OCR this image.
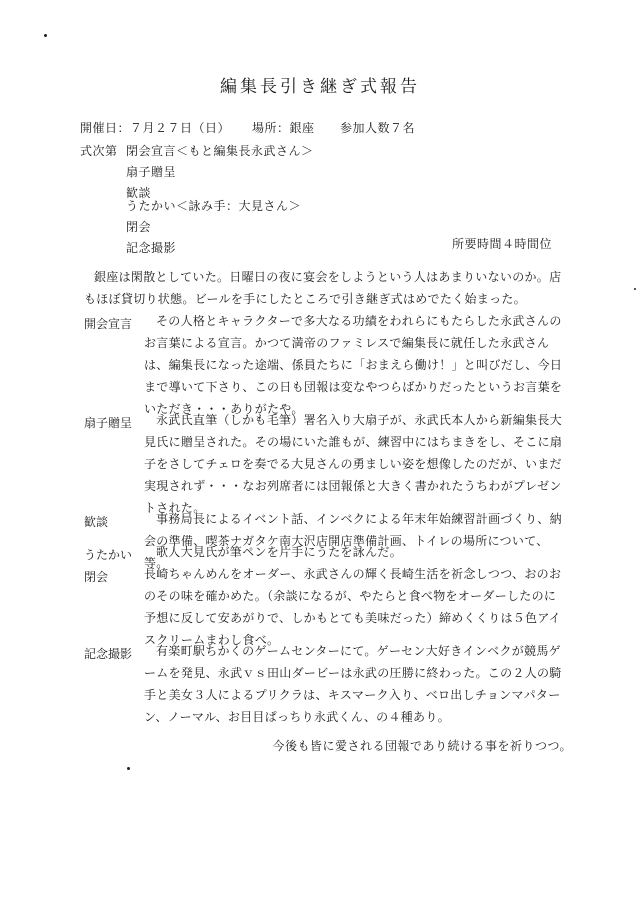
編集長引き継ぎ式報告
開催日：７月２７日（日） 場所：銀座 参加人数７名
式次第 閉会宣言＜もと編集長永武さん＞
扇子贈呈
歓談
うたかい＜詠み手：大見さん＞
閉会
記念撮影	所要時間４時間位
銀座は閑散としていた。日曜日の夜に宴会をしようという人はあまりいないのか。店もほぼ貸切り状態。ビールを手にしたところで引き継ぎ式はめでたく始まった。
開会宣言	その人格とキャラクターで多大なる功績をわれらにもたらした永武さんのお言葉による宣言。かつて満帝のファミレスで編集長に就任した永武さんは、編集長になった途端、係員たちに「おまえら働け！」と叫びだし、今日まで導いて下さり、この日も団報は変なやつらばかりだったというお言葉をいただき・・・ありがたや。
扇子贈呈	永武氏直筆（しかも毛筆）署名入り大扇子が、永武氏本人から新編集長大見氏に贈呈された。その場にいた誰もが、練習中にはちまきをし、そこに扇子をさしてチェロを奏でる大見さんの勇ましい姿を想像したのだが、いまだ実現されず・・・なお列席者には団報係と大きく書かれたうちわがプレゼントされた。
歓談	事務局長によるイベント話、インベクによる年末年始練習計画づくり、納会の準備、喫茶ナガタケ南大沢店開店準備計画、トイレの場所について、等。
うたかい	歌人大見氏が筆ペンを片手にうたを詠んだ。
閉会	長崎ちゃんめんをオーダー、永武さんの輝く長崎生活を祈念しつつ、おのおのその味を確かめた。（余談になるが、やたらと食べ物をオーダーしたのに予想に反して安あがりで、しかもとても美味だった）締めくくりは５色アイスクリームまわし食べ。
記念撮影	有楽町駅ちかくのゲームセンターにて。ゲーセン大好きインベクが競馬ゲームを発見、永武ｖｓ田山ダービーは永武の圧勝に終わった。この２人の騎手と美女３人によるプリクラは、キスマーク入り、ベロ出しチョンマパターン、ノーマル、お目目ぱっちり永武くん、の４種あり。
今後も皆に愛される団報であり続ける事を祈りつつ。
